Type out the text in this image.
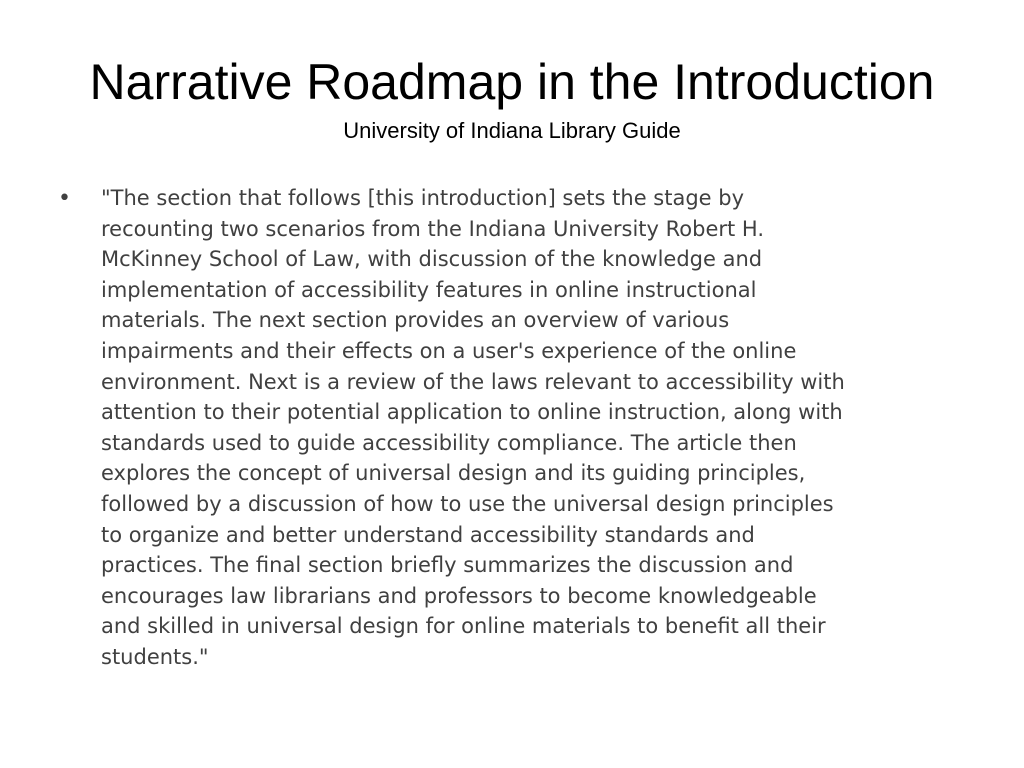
Narrative Roadmap in the Introduction
University of Indiana Library Guide
•	"The section that follows [this introduction] sets the stage by
recounting two scenarios from the Indiana University Robert H.
McKinney School of Law, with discussion of the knowledge and
implementation of accessibility features in online instructional
materials. The next section provides an overview of various
impairments and their effects on a user's experience of the online
environment. Next is a review of the laws relevant to accessibility with
attention to their potential application to online instruction, along with
standards used to guide accessibility compliance. The article then
explores the concept of universal design and its guiding principles,
followed by a discussion of how to use the universal design principles
to organize and better understand accessibility standards and
practices. The final section briefly summarizes the discussion and
encourages law librarians and professors to become knowledgeable
and skilled in universal design for online materials to benefit all their
students."
